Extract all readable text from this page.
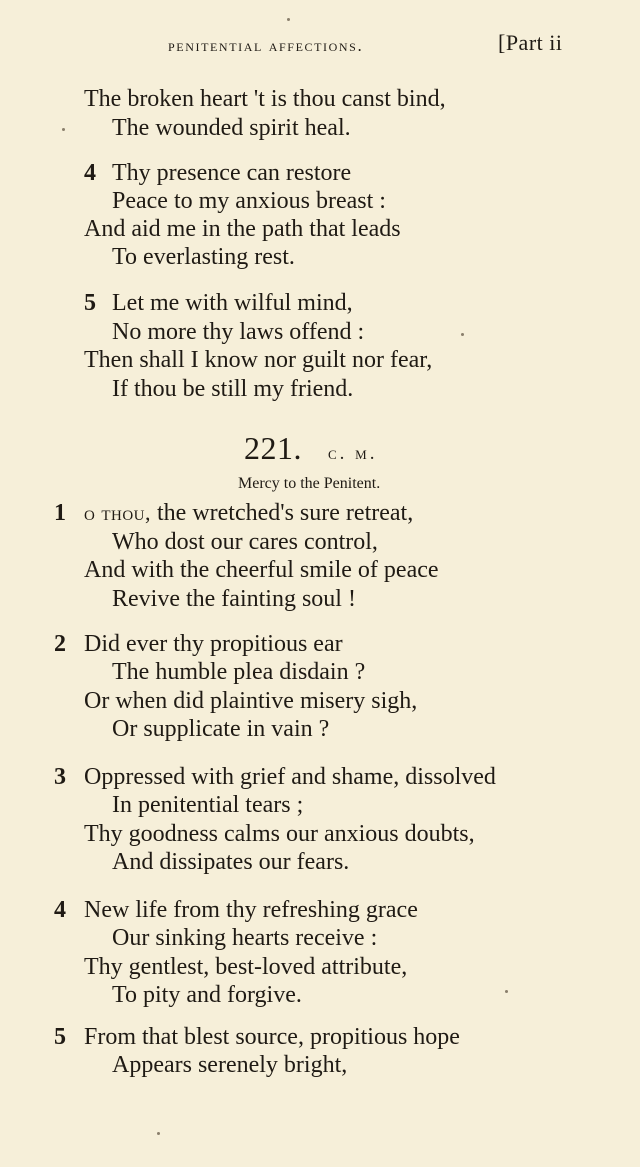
penitential affections.	[Part ii
The broken heart 't is thou canst bind,
The wounded spirit heal.
4 Thy presence can restore
Peace to my anxious breast :
And aid me in the path that leads
To everlasting rest.
5 Let me with wilful mind,
No more thy laws offend :
Then shall I know nor guilt nor fear,
If thou be still my friend.
221. c. m.
Mercy to the Penitent.
1 o thou, the wretched's sure retreat,
Who dost our cares control,
And with the cheerful smile of peace
Revive the fainting soul !
2 Did ever thy propitious ear
The humble plea disdain ?
Or when did plaintive misery sigh,
Or supplicate in vain ?
3 Oppressed with grief and shame, dissolved
In penitential tears ;
Thy goodness calms our anxious doubts,
And dissipates our fears.
4 New life from thy refreshing grace
Our sinking hearts receive :
Thy gentlest, best-loved attribute,
To pity and forgive.
5 From that blest source, propitious hope
Appears serenely bright,
